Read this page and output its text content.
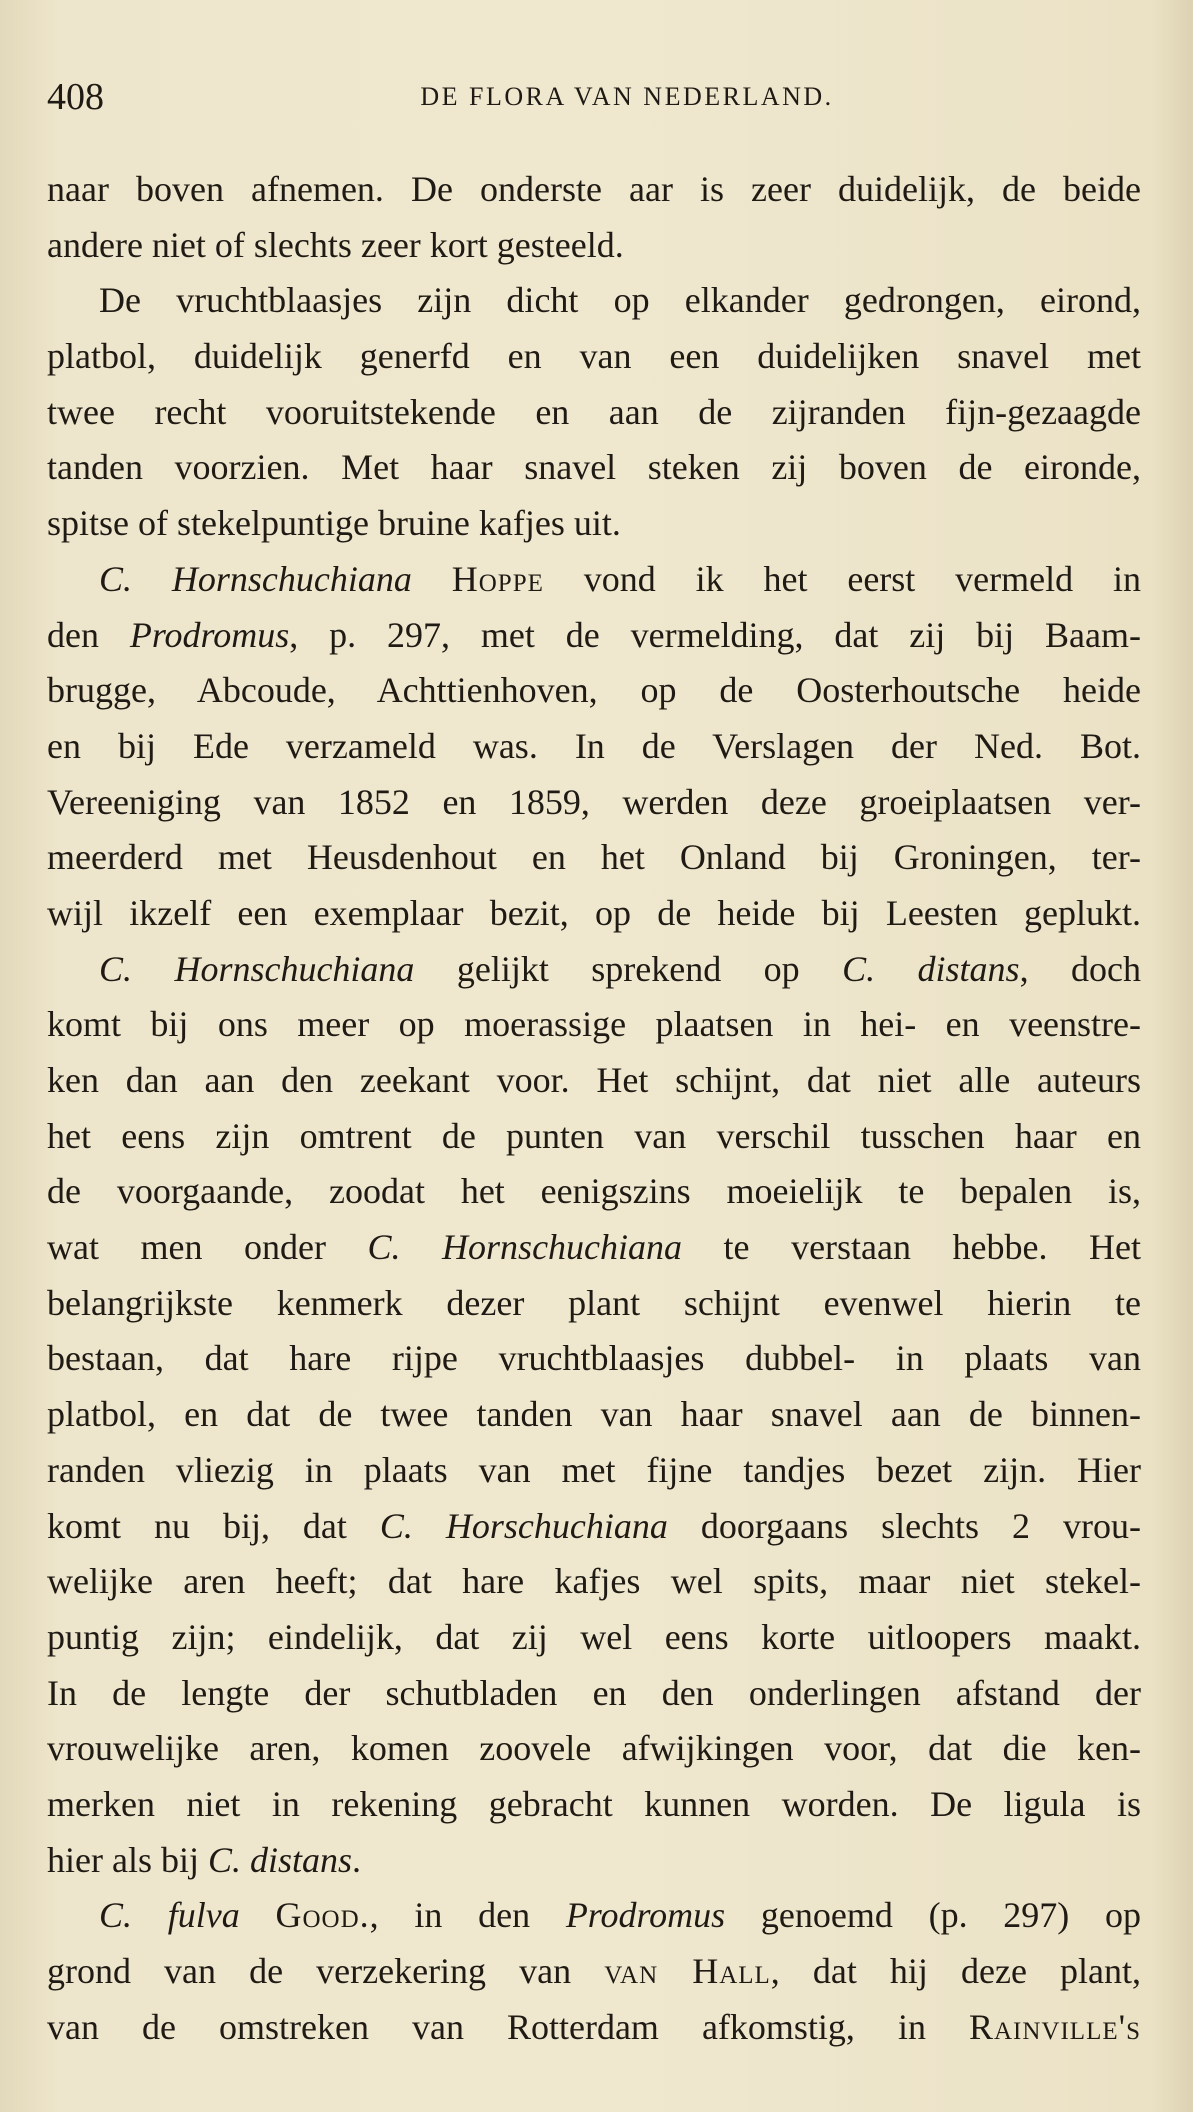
408	DE FLORA VAN NEDERLAND.
naar boven afnemen. De onderste aar is zeer duidelijk, de beide
andere niet of slechts zeer kort gesteeld.
De vruchtblaasjes zijn dicht op elkander gedrongen, eirond,
platbol, duidelijk generfd en van een duidelijken snavel met
twee recht vooruitstekende en aan de zijranden fijn-gezaagde
tanden voorzien. Met haar snavel steken zij boven de eironde,
spitse of stekelpuntige bruine kafjes uit.
C. Hornschuchiana Hoppe vond ik het eerst vermeld in
den Prodromus, p. 297, met de vermelding, dat zij bij Baam-
brugge, Abcoude, Achttienhoven, op de Oosterhoutsche heide
en bij Ede verzameld was. In de Verslagen der Ned. Bot.
Vereeniging van 1852 en 1859, werden deze groeiplaatsen ver-
meerderd met Heusdenhout en het Onland bij Groningen, ter-
wijl ikzelf een exemplaar bezit, op de heide bij Leesten geplukt.
C. Hornschuchiana gelijkt sprekend op C. distans, doch
komt bij ons meer op moerassige plaatsen in hei- en veenstre-
ken dan aan den zeekant voor. Het schijnt, dat niet alle auteurs
het eens zijn omtrent de punten van verschil tusschen haar en
de voorgaande, zoodat het eenigszins moeielijk te bepalen is,
wat men onder C. Hornschuchiana te verstaan hebbe. Het
belangrijkste kenmerk dezer plant schijnt evenwel hierin te
bestaan, dat hare rijpe vruchtblaasjes dubbel- in plaats van
platbol, en dat de twee tanden van haar snavel aan de binnen-
randen vliezig in plaats van met fijne tandjes bezet zijn. Hier
komt nu bij, dat C. Horschuchiana doorgaans slechts 2 vrou-
welijke aren heeft; dat hare kafjes wel spits, maar niet stekel-
puntig zijn; eindelijk, dat zij wel eens korte uitloopers maakt.
In de lengte der schutbladen en den onderlingen afstand der
vrouwelijke aren, komen zoovele afwijkingen voor, dat die ken-
merken niet in rekening gebracht kunnen worden. De ligula is
hier als bij C. distans.
C. fulva Good., in den Prodromus genoemd (p. 297) op
grond van de verzekering van van Hall, dat hij deze plant,
van de omstreken van Rotterdam afkomstig, in Rainville's
